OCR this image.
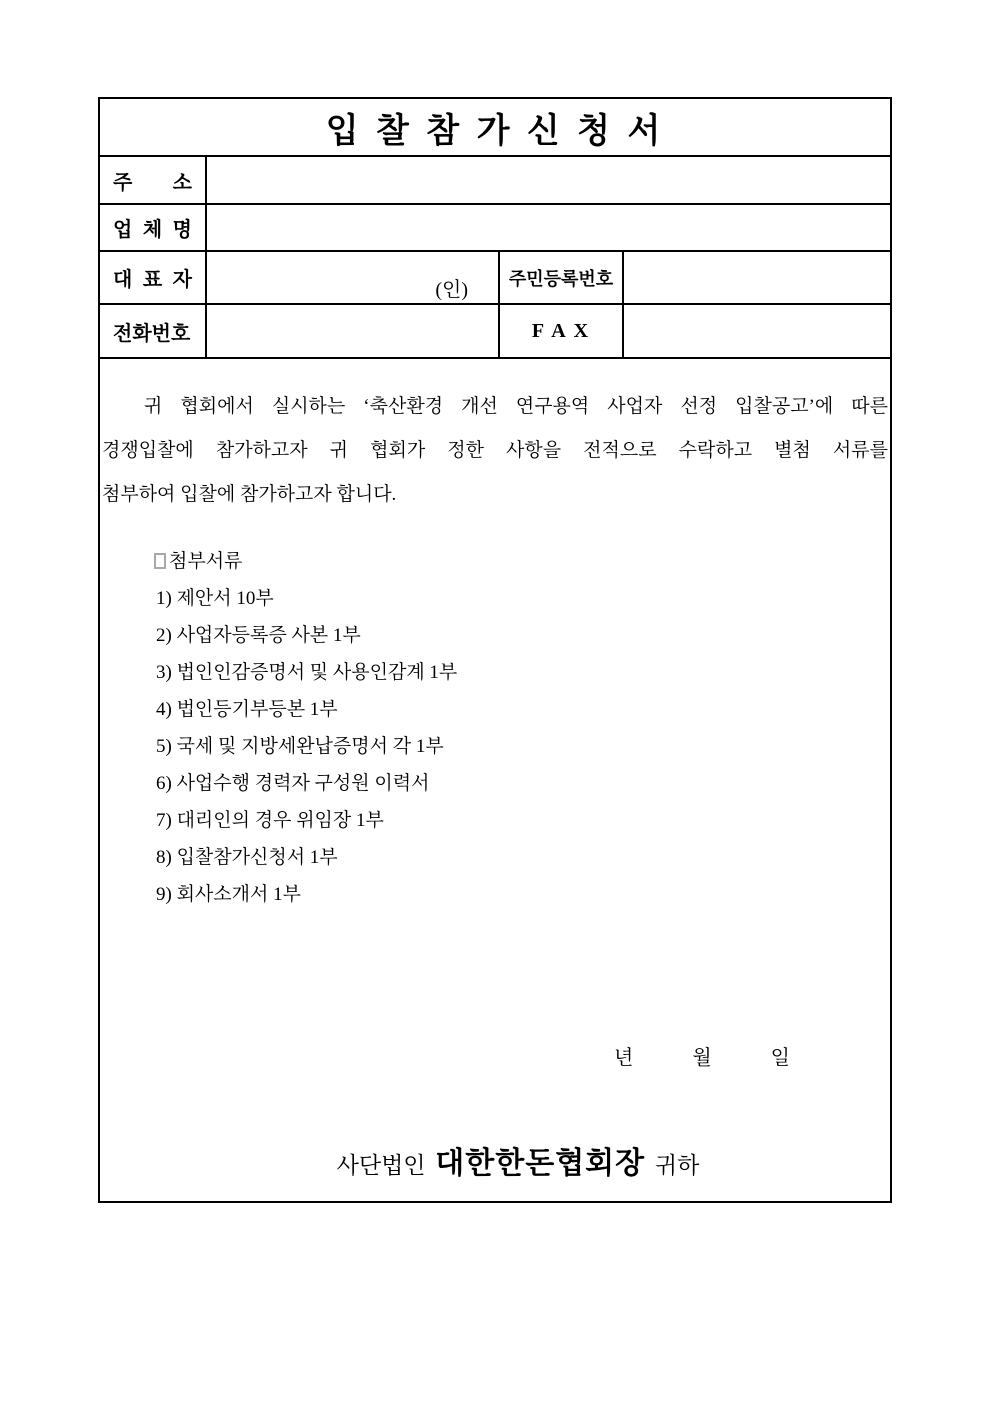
입 찰 참 가 신 청 서
주 소
업 체 명
대 표 자	(인)
주민등록번호
전화번호	F A X
귀 협회에서 실시하는 ‘축산환경 개선 연구용역 사업자 선정 입찰공고’에 따른
경쟁입찰에 참가하고자 귀 협회가 정한 사항을 전적으로 수락하고 별첨 서류를
첨부하여 입찰에 참가하고자 합니다.
첨부서류
1) 제안서 10부
2) 사업자등록증 사본 1부
3) 법인인감증명서 및 사용인감계 1부
4) 법인등기부등본 1부
5) 국세 및 지방세완납증명서 각 1부
6) 사업수행 경력자 구성원 이력서
7) 대리인의 경우 위임장 1부
8) 입찰참가신청서 1부
9) 회사소개서 1부
년 월 일

사단법인 대한한돈협회장 귀하
